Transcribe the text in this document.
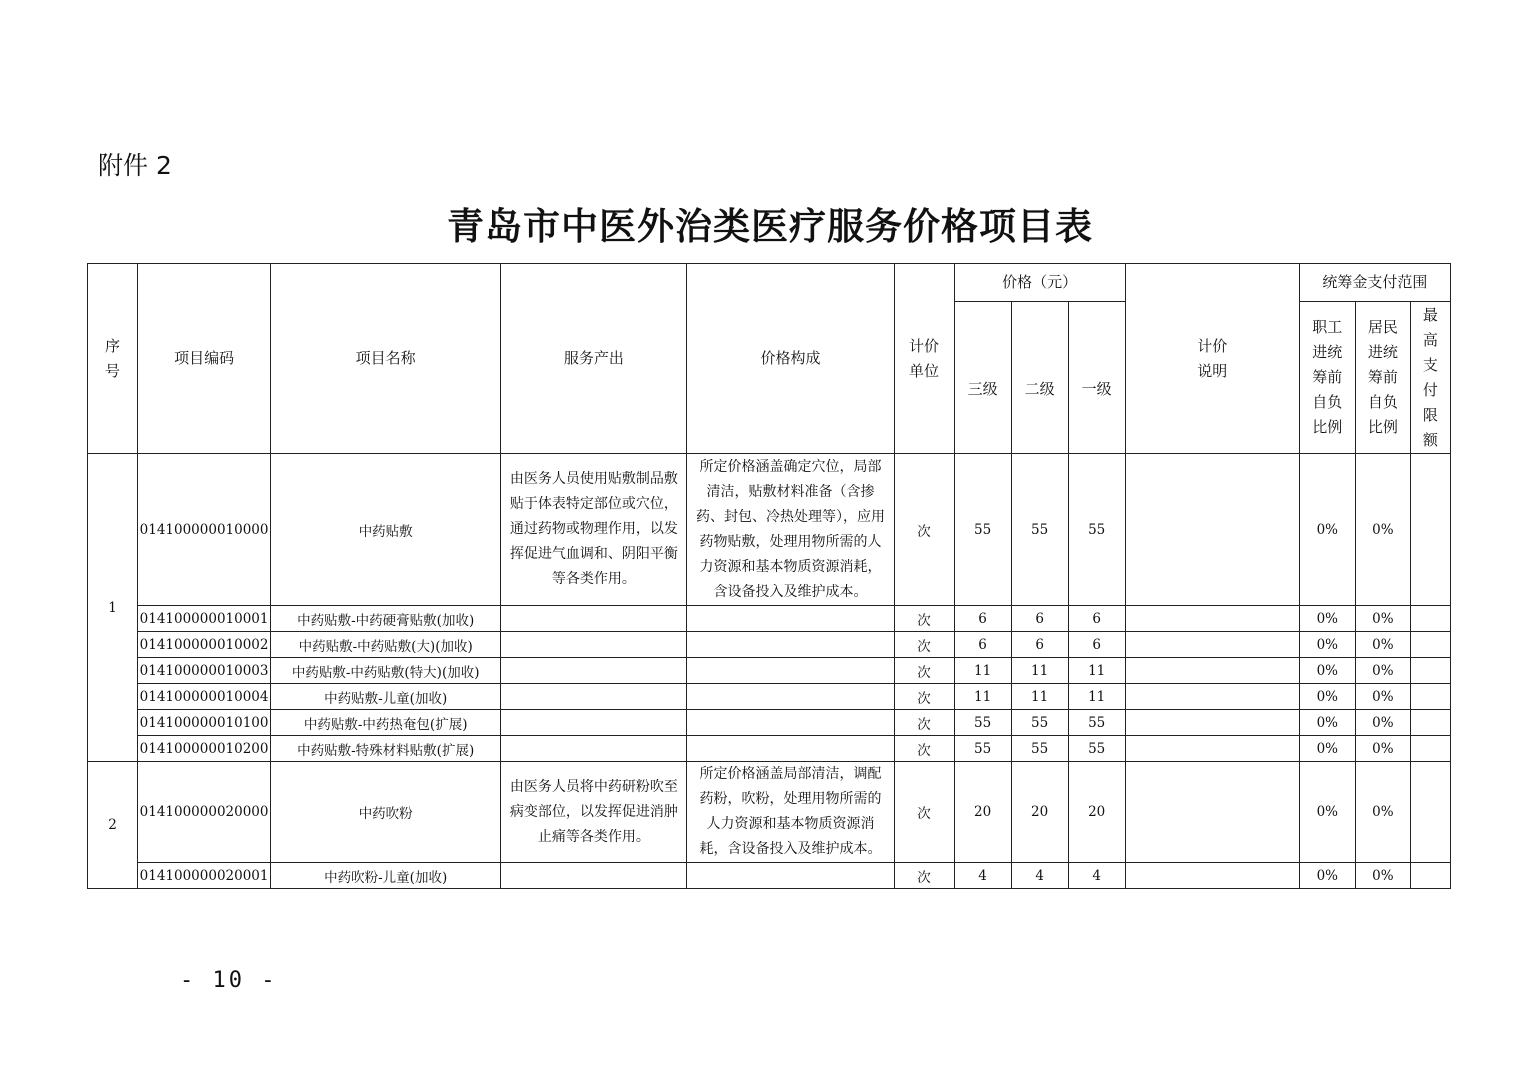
附件 2
青岛市中医外治类医疗服务价格项目表
序号	项目编码	项目名称	服务产出	价格构成	计价单位	价格（元）			计价说明	统筹金支付范围		
						三级	二级	一级		职工进统筹前自负比例	居民进统筹前自负比例	最高支付限额
1	014100000010000	中药贴敷	由医务人员使用贴敷制品敷贴于体表特定部位或穴位，通过药物或物理作用，以发挥促进气血调和、阴阳平衡等各类作用。	所定价格涵盖确定穴位，局部清洁，贴敷材料准备（含掺药、封包、冷热处理等），应用药物贴敷，处理用物所需的人力资源和基本物质资源消耗，含设备投入及维护成本。	次	55	55	55		0%	0%	
	014100000010001	中药贴敷-中药硬膏贴敷(加收)			次	6	6	6		0%	0%	
	014100000010002	中药贴敷-中药贴敷(大)(加收)			次	6	6	6		0%	0%	
	014100000010003	中药贴敷-中药贴敷(特大)(加收)			次	11	11	11		0%	0%	
	014100000010004	中药贴敷-儿童(加收)			次	11	11	11		0%	0%	
	014100000010100	中药贴敷-中药热奄包(扩展)			次	55	55	55		0%	0%	
	014100000010200	中药贴敷-特殊材料贴敷(扩展)			次	55	55	55		0%	0%	
2	014100000020000	中药吹粉	由医务人员将中药研粉吹至病变部位，以发挥促进消肿止痛等各类作用。	所定价格涵盖局部清洁，调配药粉，吹粉，处理用物所需的人力资源和基本物质资源消耗，含设备投入及维护成本。	次	20	20	20		0%	0%	
	014100000020001	中药吹粉-儿童(加收)			次	4	4	4		0%	0%	
- 10 -
